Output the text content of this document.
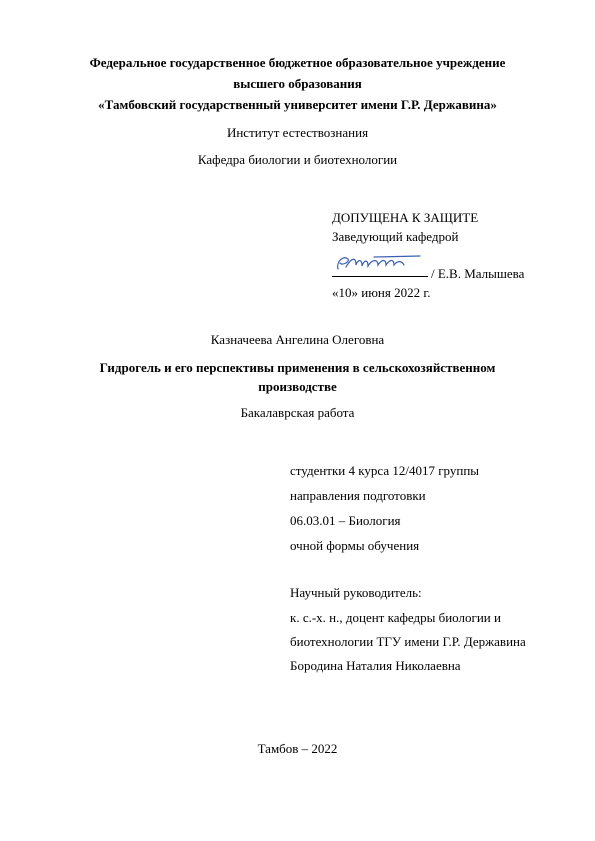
Федеральное государственное бюджетное образовательное учреждение
высшего образования
«Тамбовский государственный университет имени Г.Р. Державина»
Институт естествознания
Кафедра биологии и биотехнологии
ДОПУЩЕНА К ЗАЩИТЕ
Заведующий кафедрой
/ Е.В. Малышева
«10» июня 2022 г.
Казначеева Ангелина Олеговна
Гидрогель и его перспективы применения в сельскохозяйственном
производстве
Бакалаврская работа
студентки 4 курса 12/4017 группы
направления подготовки
06.03.01 – Биология
очной формы обучения
Научный руководитель:
к. с.-х. н., доцент кафедры биологии и
биотехнологии ТГУ имени Г.Р. Державина
Бородина Наталия Николаевна
Тамбов – 2022
